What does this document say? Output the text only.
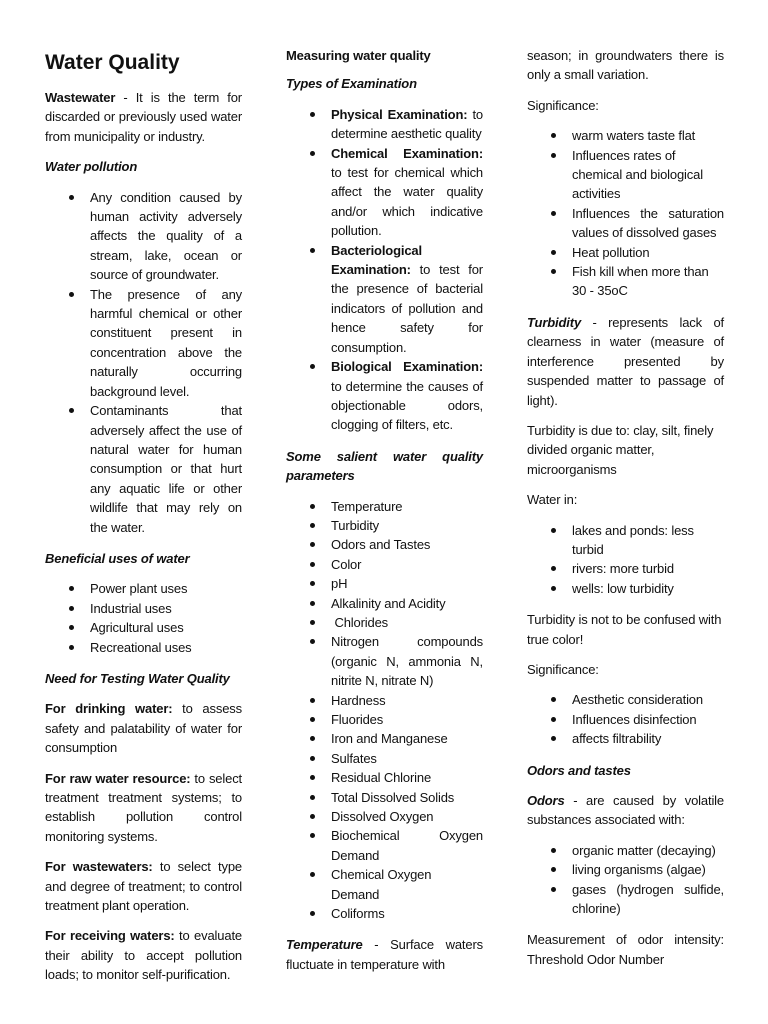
Water Quality

Wastewater - It is the term for discarded or previously used water from municipality or industry.

Water pollution
Any condition caused by human activity adversely affects the quality of a stream, lake, ocean or source of groundwater.
The presence of any harmful chemical or other constituent present in concentration above the naturally occurring background level.
Contaminants that adversely affect the use of natural water for human consumption or that hurt any aquatic life or other wildlife that may rely on the water.
Beneficial uses of water
Power plant uses
Industrial uses
Agricultural uses
Recreational uses
Need for Testing Water Quality

For drinking water: to assess safety and palatability of water for consumption

For raw water resource: to select treatment treatment systems; to establish pollution control monitoring systems.

For wastewaters: to select type and degree of treatment; to control treatment plant operation.

For receiving waters: to evaluate their ability to accept pollution loads; to monitor self-purification.

Measuring water quality
Types of Examination
Physical Examination: to determine aesthetic quality
Chemical Examination: to test for chemical which affect the water quality and/or which indicative pollution.
Bacteriological Examination: to test for the presence of bacterial indicators of pollution and hence safety for consumption.
Biological Examination: to determine the causes of objectionable odors, clogging of filters, etc.
Some salient water quality parameters
Temperature
Turbidity
Odors and Tastes
Color
pH
Alkalinity and Acidity
Chlorides
Nitrogen compounds (organic N, ammonia N, nitrite N, nitrate N)
Hardness
Fluorides
Iron and Manganese
Sulfates
Residual Chlorine
Total Dissolved Solids
Dissolved Oxygen
Biochemical Oxygen Demand
Chemical Oxygen Demand
Coliforms

Temperature - Surface waters fluctuate in temperature with

season; in groundwaters there is only a small variation.

Significance:

warm waters taste flat
Influences rates of chemical and biological activities
Influences the saturation values of dissolved gases
Heat pollution
Fish kill when more than 30 - 35oC

Turbidity - represents lack of clearness in water (measure of interference presented by suspended matter to passage of light).

Turbidity is due to: clay, silt, finely divided organic matter, microorganisms

Water in:

lakes and ponds: less turbid
rivers: more turbid
wells: low turbidity

Turbidity is not to be confused with true color!

Significance:

Aesthetic consideration
Influences disinfection
affects filtrability
Odors and tastes

Odors - are caused by volatile substances associated with:

organic matter (decaying)
living organisms (algae)
gases (hydrogen sulfide, chlorine)

Measurement of odor intensity: Threshold Odor Number
